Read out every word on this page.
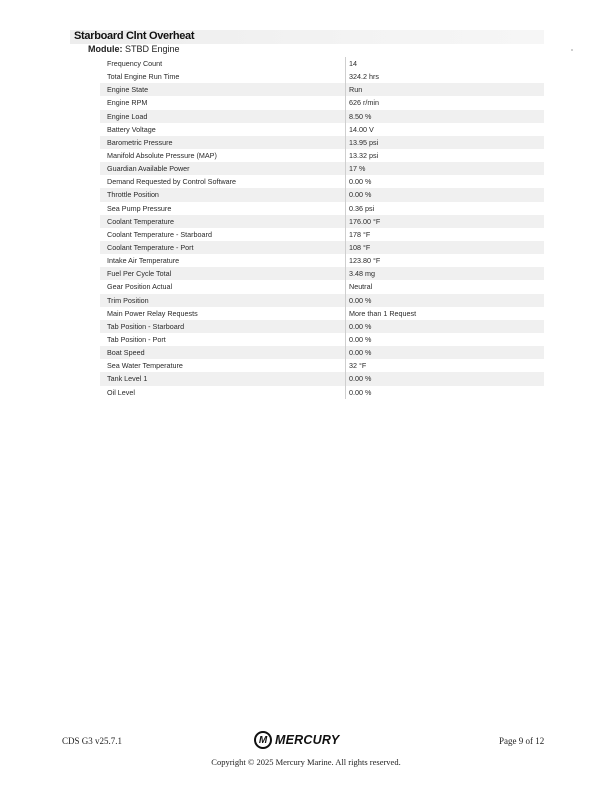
Starboard Clnt Overheat
Module: STBD Engine
Frequency Count	14
Total Engine Run Time	324.2 hrs
Engine State	Run
Engine RPM	626 r/min
Engine Load	8.50 %
Battery Voltage	14.00 V
Barometric Pressure	13.95 psi
Manifold Absolute Pressure (MAP)	13.32 psi
Guardian Available Power	17 %
Demand Requested by Control Software	0.00 %
Throttle Position	0.00 %
Sea Pump Pressure	0.36 psi
Coolant Temperature	176.00 °F
Coolant Temperature - Starboard	178 °F
Coolant Temperature - Port	108 °F
Intake Air Temperature	123.80 °F
Fuel Per Cycle Total	3.48 mg
Gear Position Actual	Neutral
Trim Position	0.00 %
Main Power Relay Requests	More than 1 Request
Tab Position - Starboard	0.00 %
Tab Position - Port	0.00 %
Boat Speed	0.00 %
Sea Water Temperature	32 °F
Tank Level 1	0.00 %
Oil Level	0.00 %
CDS G3 v25.7.1	M MERCURY	Page 9 of 12
Copyright © 2025 Mercury Marine. All rights reserved.
